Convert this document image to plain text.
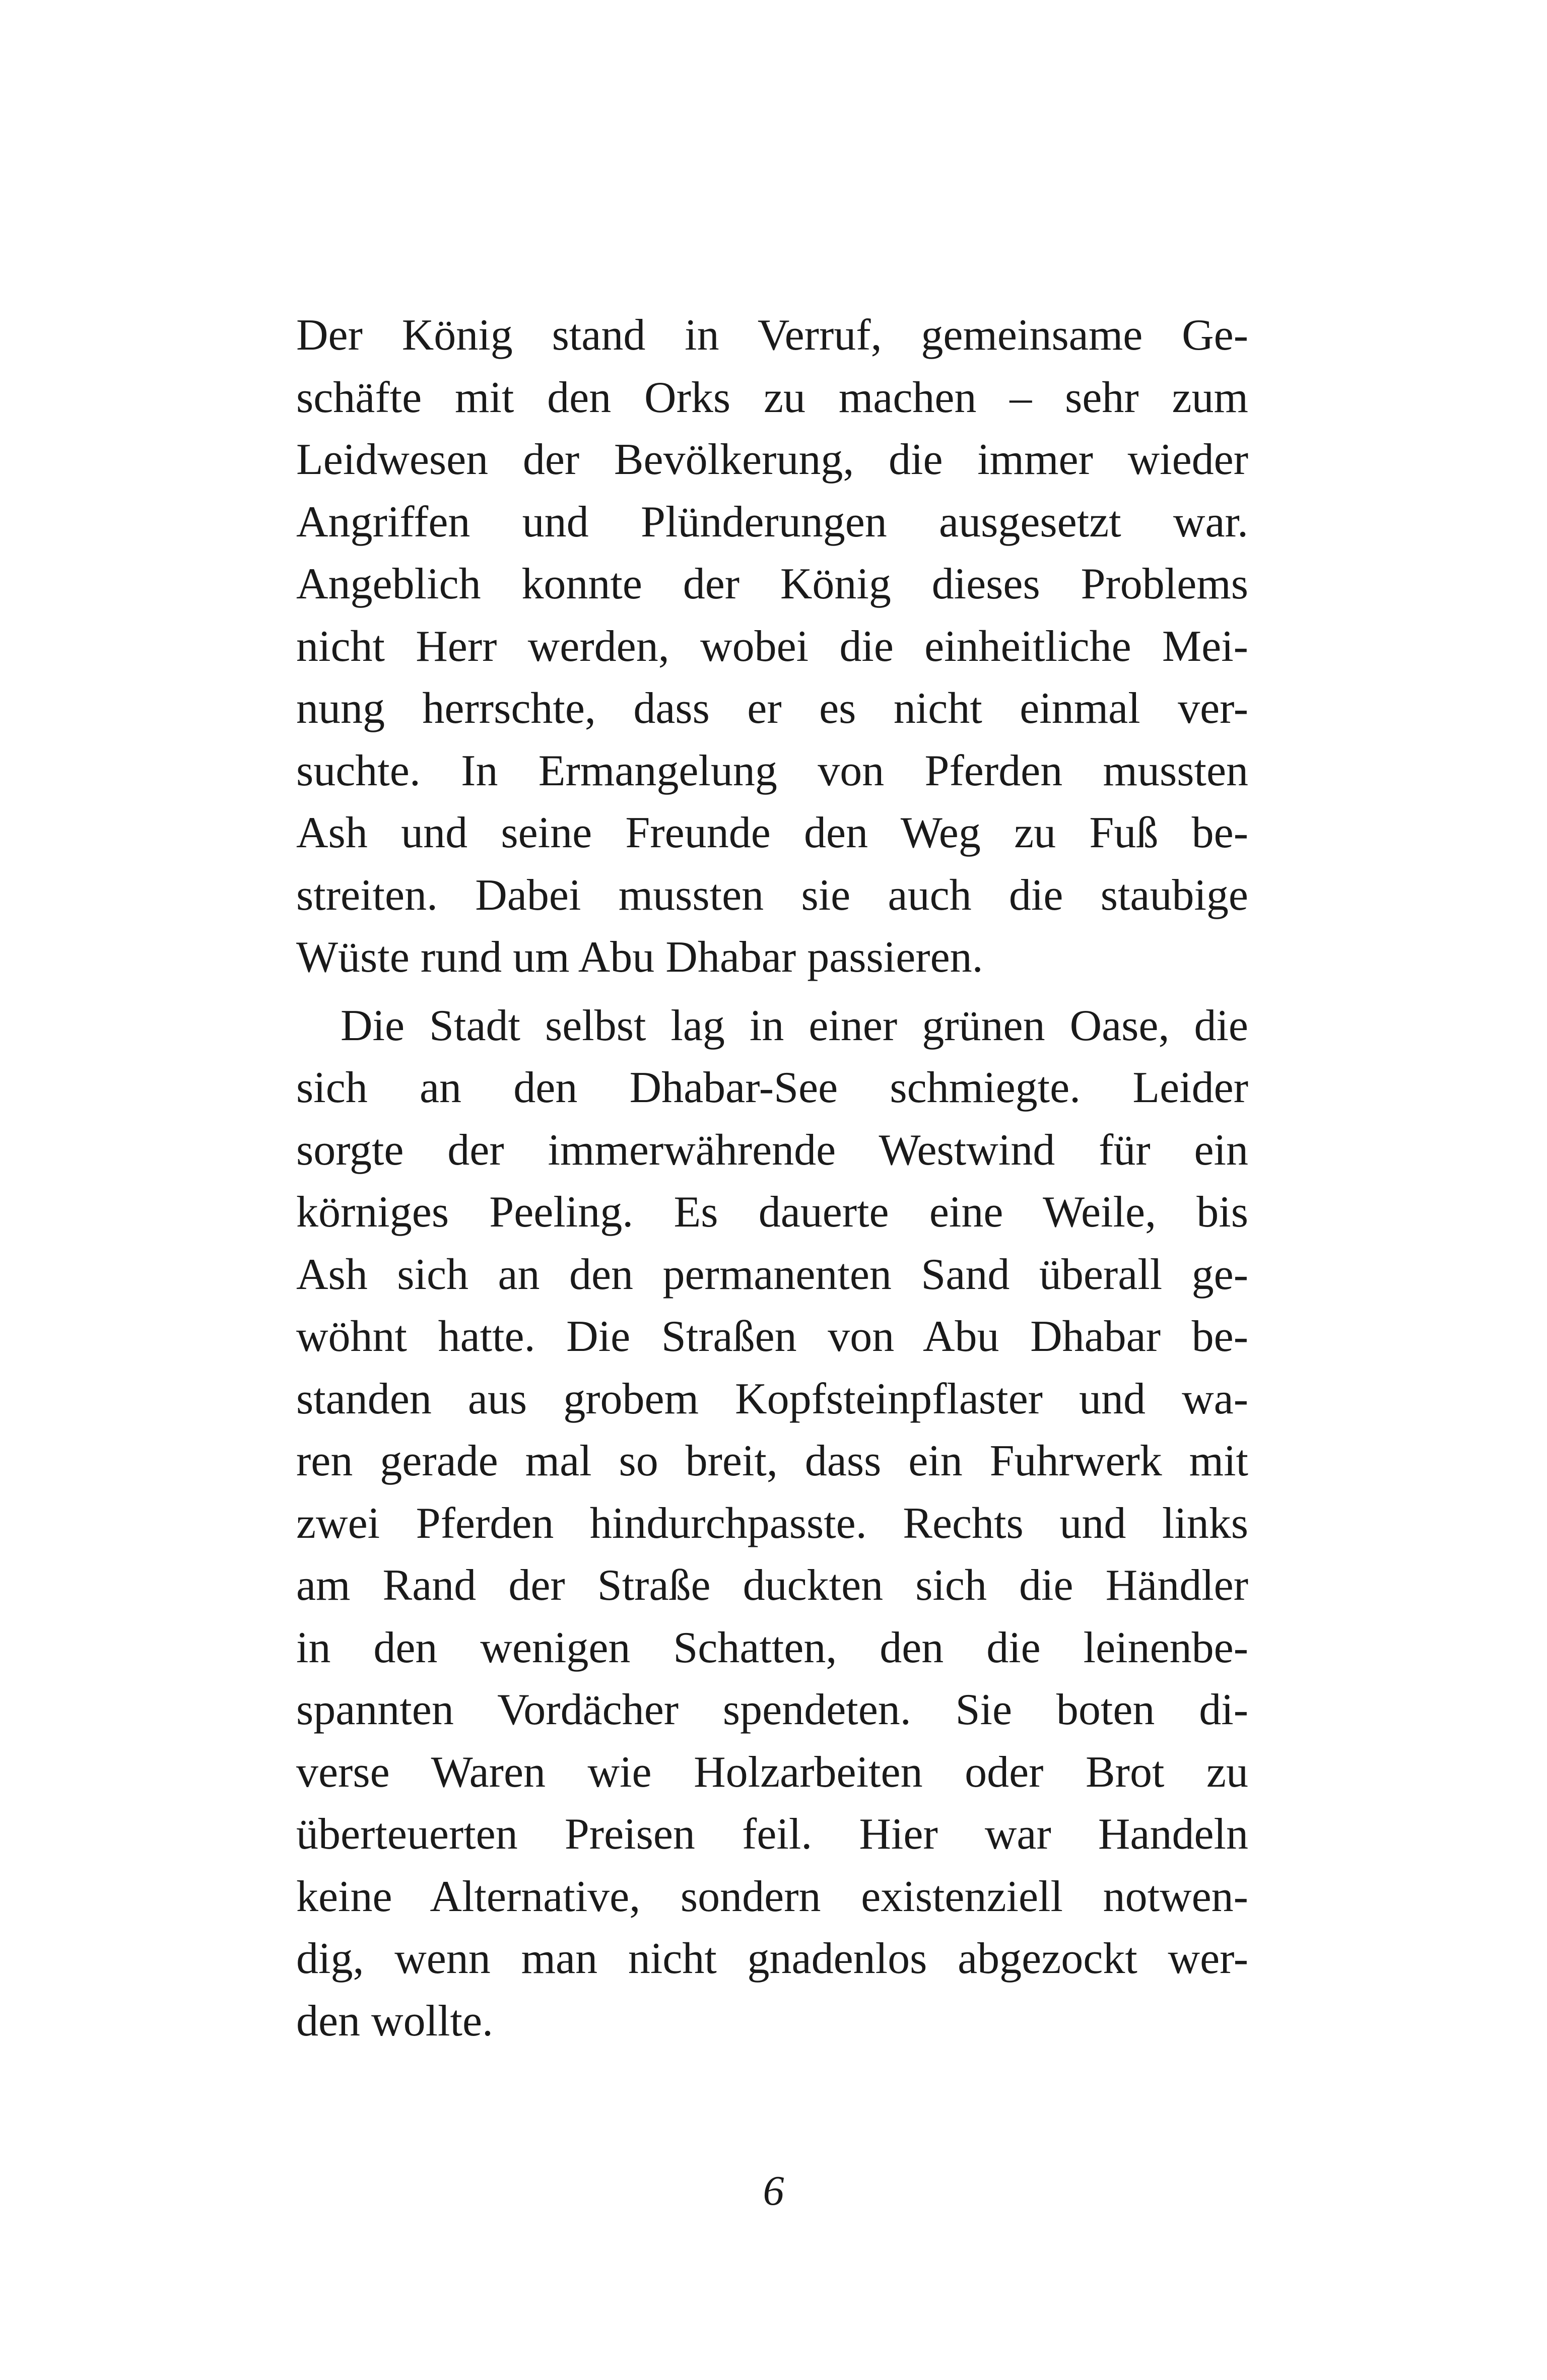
Der König stand in Verruf, gemeinsame Ge-
schäfte mit den Orks zu machen – sehr zum
Leidwesen der Bevölkerung, die immer wieder
Angriffen und Plünderungen ausgesetzt war.
Angeblich konnte der König dieses Problems
nicht Herr werden, wobei die einheitliche Mei-
nung herrschte, dass er es nicht einmal ver-
suchte. In Ermangelung von Pferden mussten
Ash und seine Freunde den Weg zu Fuß be-
streiten. Dabei mussten sie auch die staubige
Wüste rund um Abu Dhabar passieren.
Die Stadt selbst lag in einer grünen Oase, die
sich an den Dhabar-See schmiegte. Leider
sorgte der immerwährende Westwind für ein
körniges Peeling. Es dauerte eine Weile, bis
Ash sich an den permanenten Sand überall ge-
wöhnt hatte. Die Straßen von Abu Dhabar be-
standen aus grobem Kopfsteinpflaster und wa-
ren gerade mal so breit, dass ein Fuhrwerk mit
zwei Pferden hindurchpasste. Rechts und links
am Rand der Straße duckten sich die Händler
in den wenigen Schatten, den die leinenbe-
spannten Vordächer spendeten. Sie boten di-
verse Waren wie Holzarbeiten oder Brot zu
überteuerten Preisen feil. Hier war Handeln
keine Alternative, sondern existenziell notwen-
dig, wenn man nicht gnadenlos abgezockt wer-
den wollte.
6
